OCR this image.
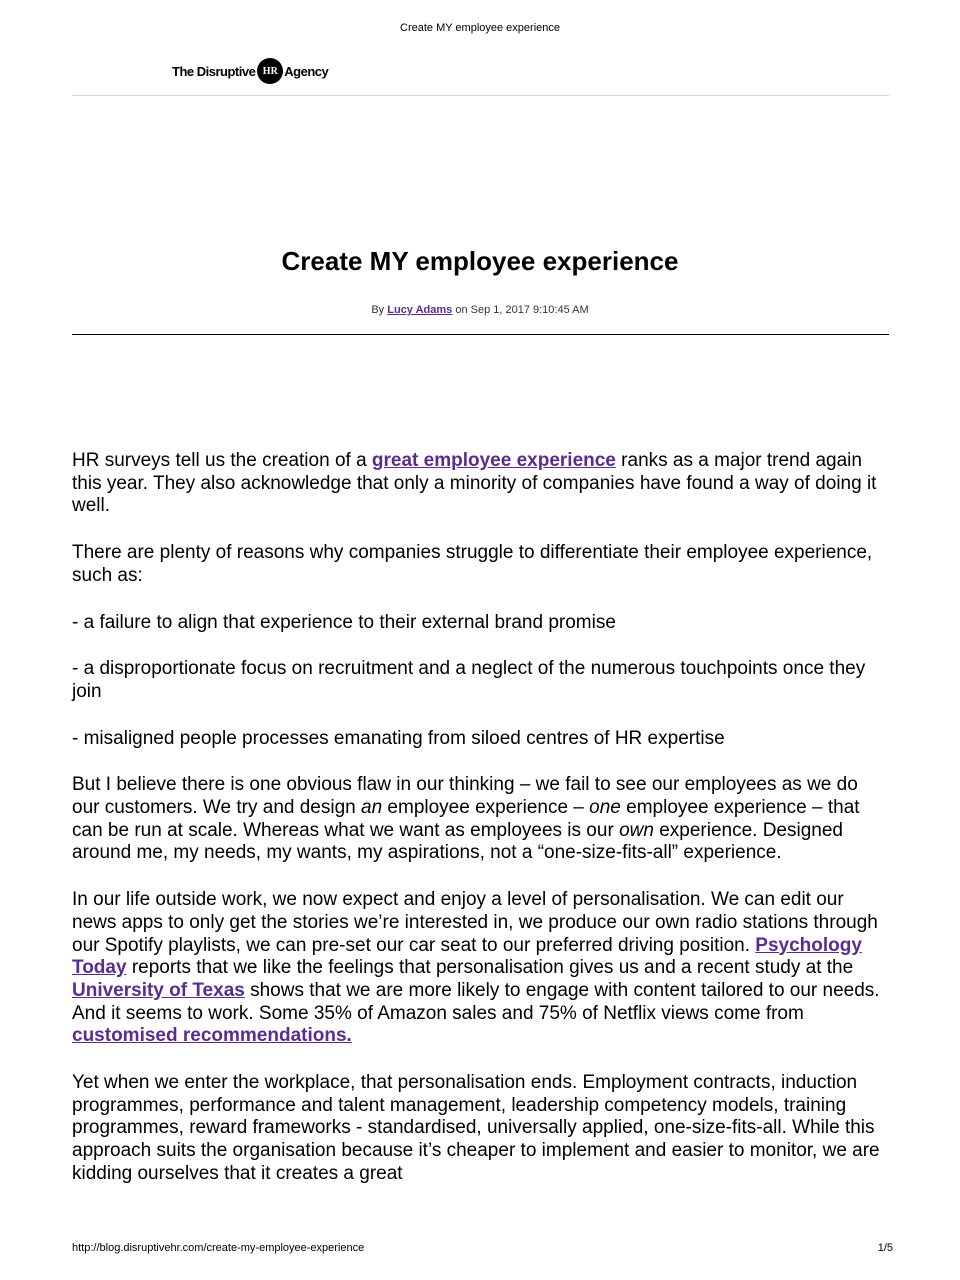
Create MY employee experience
The Disruptive HR Agency
Create MY employee experience
By Lucy Adams on Sep 1, 2017 9:10:45 AM

HR surveys tell us the creation of a great employee experience ranks as a major trend again this year. They also acknowledge that only a minority of companies have found a way of doing it well.

There are plenty of reasons why companies struggle to differentiate their employee experience, such as:

- a failure to align that experience to their external brand promise

- a disproportionate focus on recruitment and a neglect of the numerous touchpoints once they join

- misaligned people processes emanating from siloed centres of HR expertise

But I believe there is one obvious flaw in our thinking – we fail to see our employees as we do our customers. We try and design an employee experience – one employee experience – that can be run at scale. Whereas what we want as employees is our own experience. Designed around me, my needs, my wants, my aspirations, not a “one-size-fits-all” experience.

In our life outside work, we now expect and enjoy a level of personalisation. We can edit our news apps to only get the stories we’re interested in, we produce our own radio stations through our Spotify playlists, we can pre-set our car seat to our preferred driving position. Psychology Today reports that we like the feelings that personalisation gives us and a recent study at the University of Texas shows that we are more likely to engage with content tailored to our needs. And it seems to work. Some 35% of Amazon sales and 75% of Netflix views come from customised recommendations.

Yet when we enter the workplace, that personalisation ends. Employment contracts, induction programmes, performance and talent management, leadership competency models, training programmes, reward frameworks - standardised, universally applied, one-size-fits-all. While this approach suits the organisation because it’s cheaper to implement and easier to monitor, we are kidding ourselves that it creates a great

http://blog.disruptivehr.com/create-my-employee-experience	1/5
